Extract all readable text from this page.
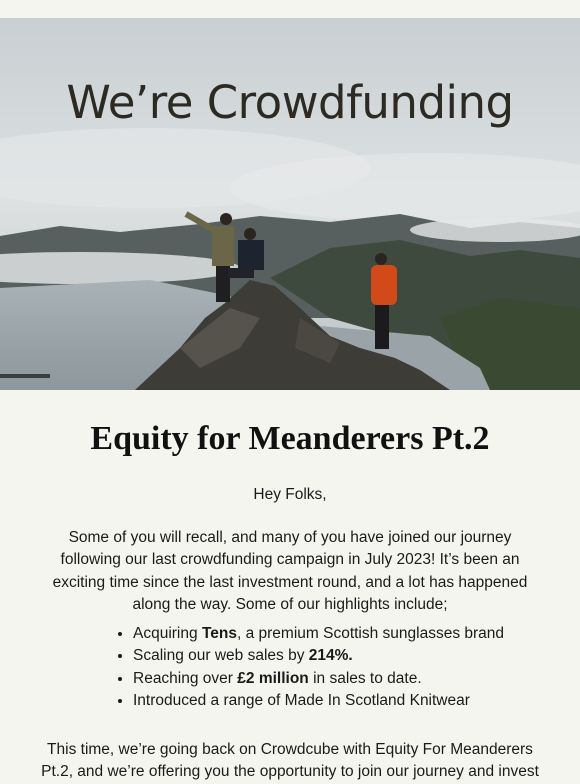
We’re Crowdfunding
Equity for Meanderers Pt.2

Hey Folks,

Some of you will recall, and many of you have joined our journey following our last crowdfunding campaign in July 2023! It’s been an exciting time since the last investment round, and a lot has happened along the way. Some of our highlights include;

• Acquiring Tens, a premium Scottish sunglasses brand
• Scaling our web sales by 214%.
• Reaching over £2 million in sales to date.
• Introduced a range of Made In Scotland Knitwear

This time, we’re going back on Crowdcube with Equity For Meanderers Pt.2, and we’re offering you the opportunity to join our journey and invest
